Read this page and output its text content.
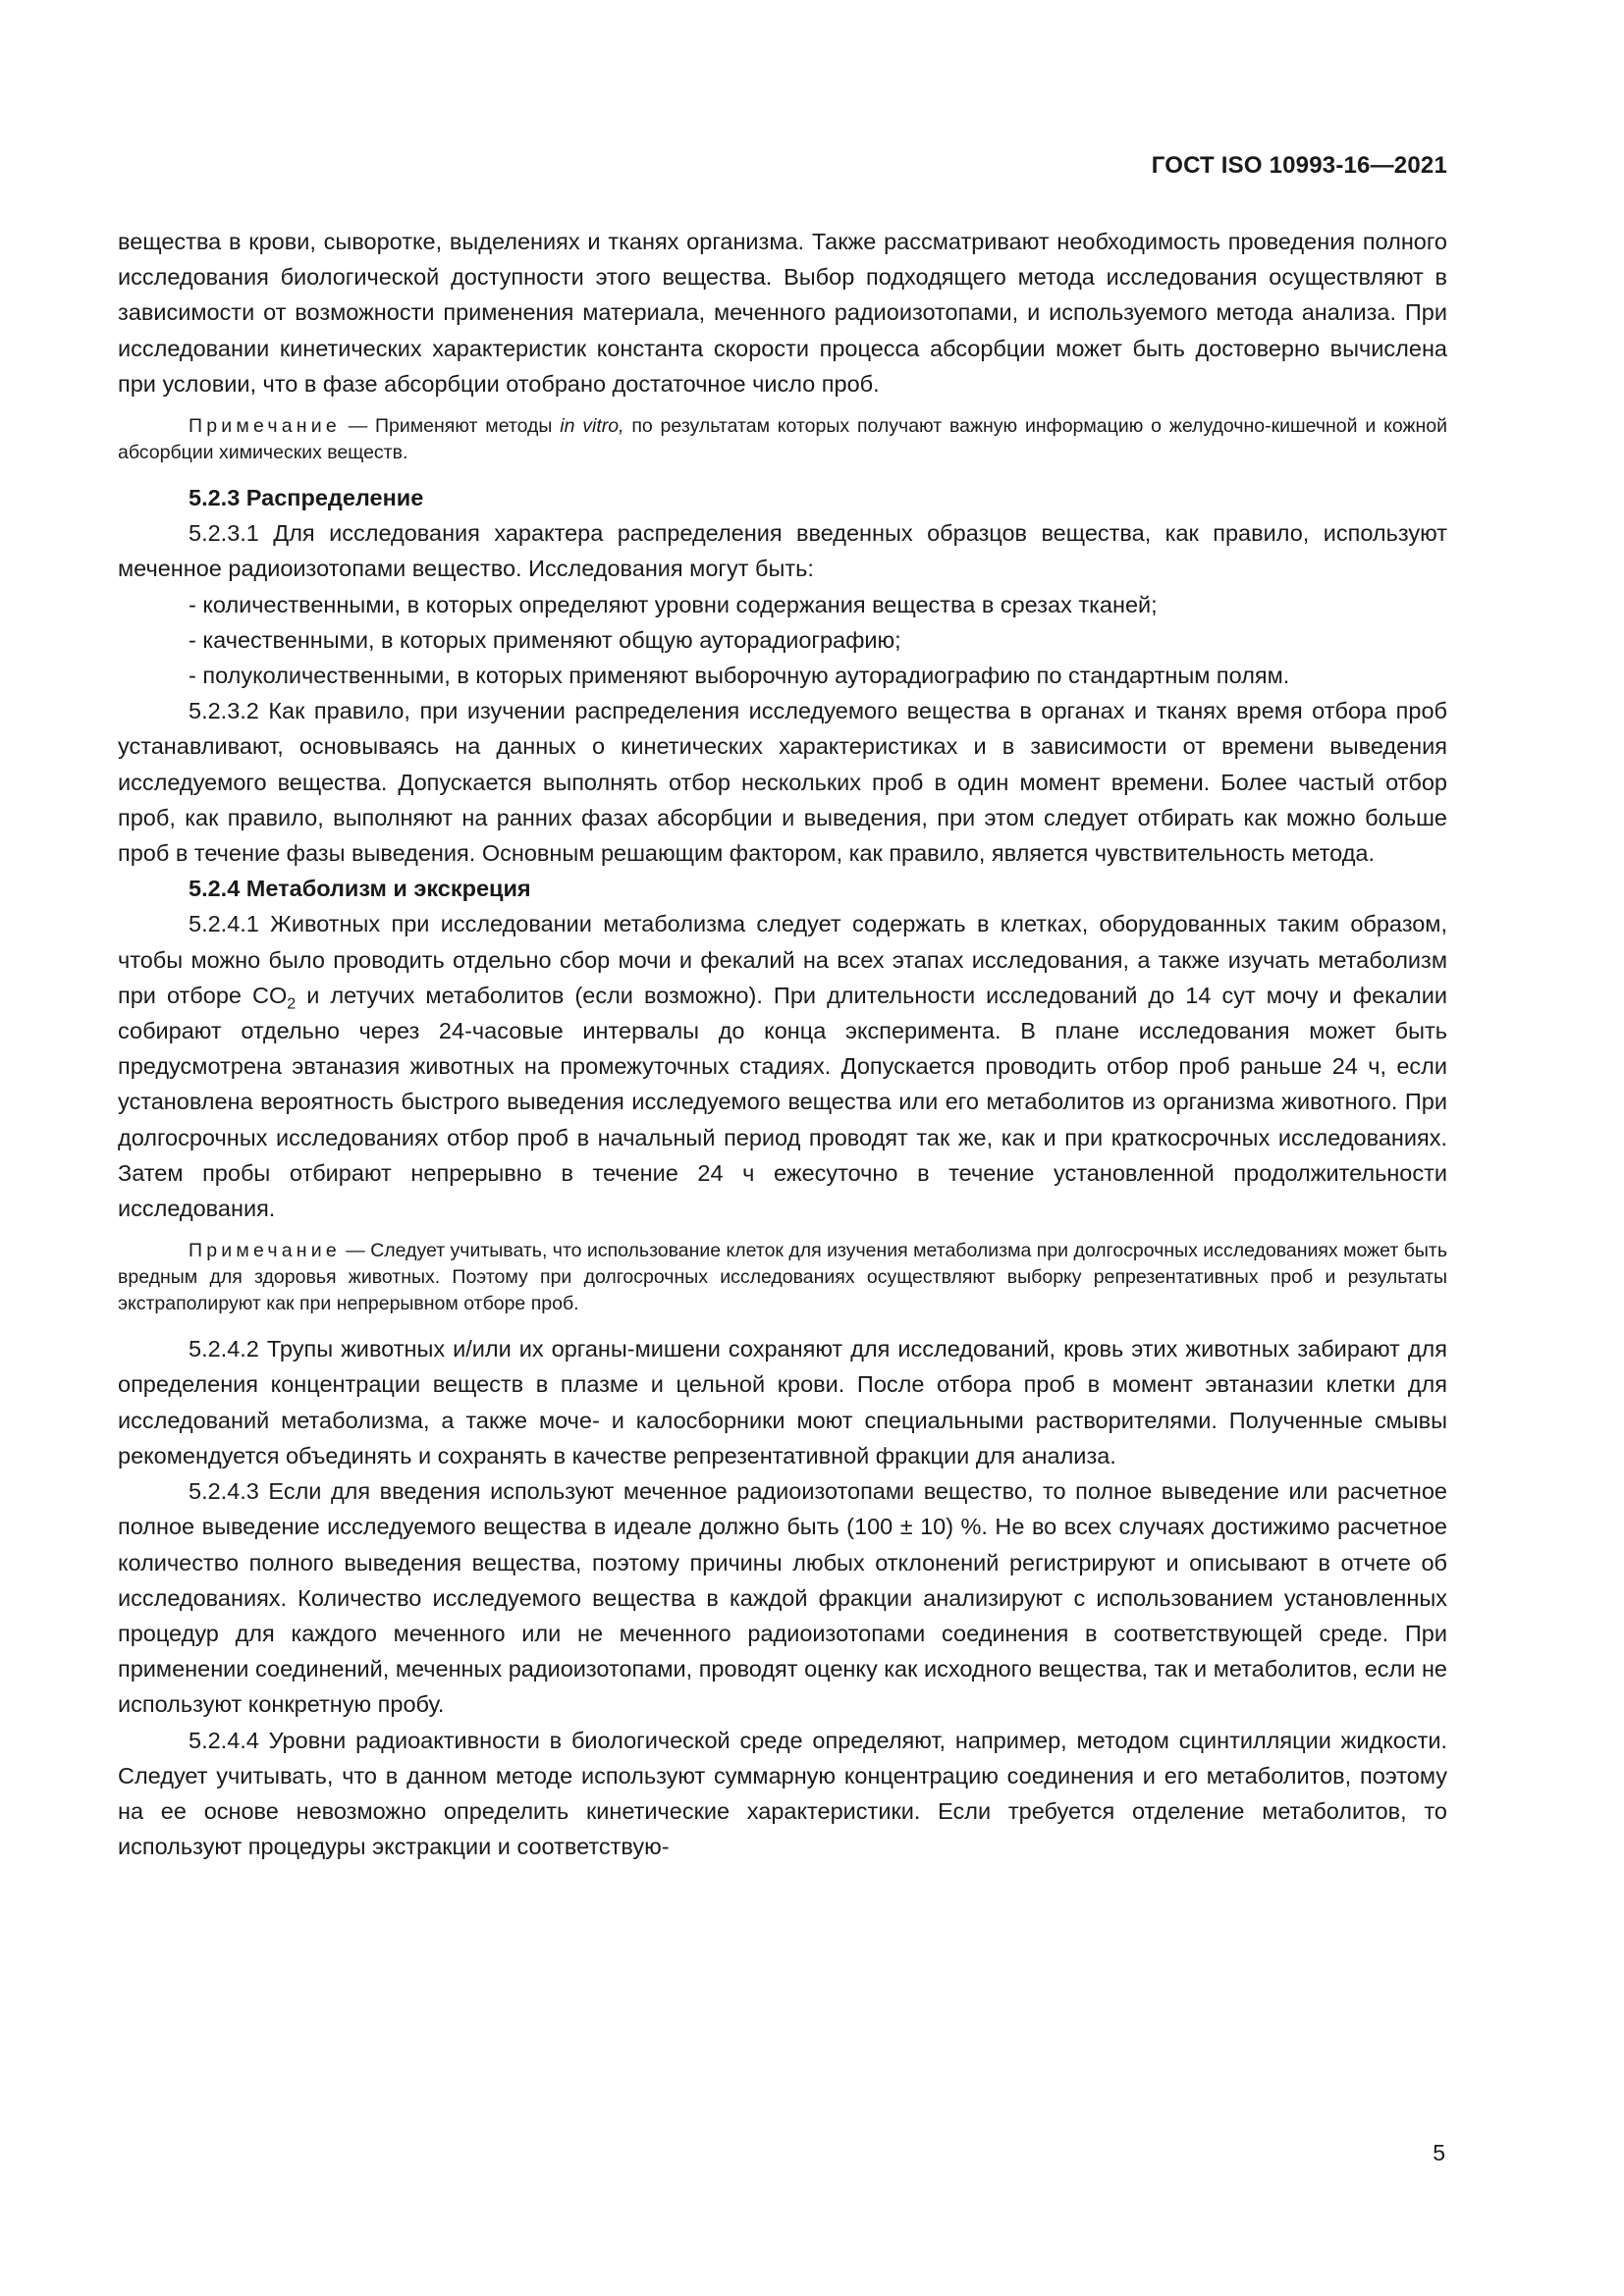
ГОСТ ISO 10993-16—2021

вещества в крови, сыворотке, выделениях и тканях организма. Также рассматривают необходимость проведения полного исследования биологической доступности этого вещества. Выбор подходящего метода исследования осуществляют в зависимости от возможности применения материала, меченного радиоизотопами, и используемого метода анализа. При исследовании кинетических характеристик константа скорости процесса абсорбции может быть достоверно вычислена при условии, что в фазе абсорбции отобрано достаточное число проб.

Примечание — Применяют методы in vitro, по результатам которых получают важную информацию о желудочно-кишечной и кожной абсорбции химических веществ.

5.2.3 Распределение

5.2.3.1 Для исследования характера распределения введенных образцов вещества, как правило, используют меченное радиоизотопами вещество. Исследования могут быть:

- количественными, в которых определяют уровни содержания вещества в срезах тканей;

- качественными, в которых применяют общую ауторадиографию;

- полуколичественными, в которых применяют выборочную ауторадиографию по стандартным полям.

5.2.3.2 Как правило, при изучении распределения исследуемого вещества в органах и тканях время отбора проб устанавливают, основываясь на данных о кинетических характеристиках и в зависимости от времени выведения исследуемого вещества. Допускается выполнять отбор нескольких проб в один момент времени. Более частый отбор проб, как правило, выполняют на ранних фазах абсорбции и выведения, при этом следует отбирать как можно больше проб в течение фазы выведения. Основным решающим фактором, как правило, является чувствительность метода.

5.2.4 Метаболизм и экскреция

5.2.4.1 Животных при исследовании метаболизма следует содержать в клетках, оборудованных таким образом, чтобы можно было проводить отдельно сбор мочи и фекалий на всех этапах исследования, а также изучать метаболизм при отборе $CO_2$ и летучих метаболитов (если возможно). При длительности исследований до 14 сут мочу и фекалии собирают отдельно через 24-часовые интервалы до конца эксперимента. В плане исследования может быть предусмотрена эвтаназия животных на промежуточных стадиях. Допускается проводить отбор проб раньше 24 ч, если установлена вероятность быстрого выведения исследуемого вещества или его метаболитов из организма животного. При долгосрочных исследованиях отбор проб в начальный период проводят так же, как и при краткосрочных исследованиях. Затем пробы отбирают непрерывно в течение 24 ч ежесуточно в течение установленной продолжительности исследования.

Примечание — Следует учитывать, что использование клеток для изучения метаболизма при долгосрочных исследованиях может быть вредным для здоровья животных. Поэтому при долгосрочных исследованиях осуществляют выборку репрезентативных проб и результаты экстраполируют как при непрерывном отборе проб.

5.2.4.2 Трупы животных и/или их органы-мишени сохраняют для исследований, кровь этих животных забирают для определения концентрации веществ в плазме и цельной крови. После отбора проб в момент эвтаназии клетки для исследований метаболизма, а также моче- и калосборники моют специальными растворителями. Полученные смывы рекомендуется объединять и сохранять в качестве репрезентативной фракции для анализа.

5.2.4.3 Если для введения используют меченное радиоизотопами вещество, то полное выведение или расчетное полное выведение исследуемого вещества в идеале должно быть (100 ± 10) %. Не во всех случаях достижимо расчетное количество полного выведения вещества, поэтому причины любых отклонений регистрируют и описывают в отчете об исследованиях. Количество исследуемого вещества в каждой фракции анализируют с использованием установленных процедур для каждого меченного или не меченного радиоизотопами соединения в соответствующей среде. При применении соединений, меченных радиоизотопами, проводят оценку как исходного вещества, так и метаболитов, если не используют конкретную пробу.

5.2.4.4 Уровни радиоактивности в биологической среде определяют, например, методом сцинтилляции жидкости. Следует учитывать, что в данном методе используют суммарную концентрацию соединения и его метаболитов, поэтому на ее основе невозможно определить кинетические характеристики. Если требуется отделение метаболитов, то используют процедуры экстракции и соответствую-

5
